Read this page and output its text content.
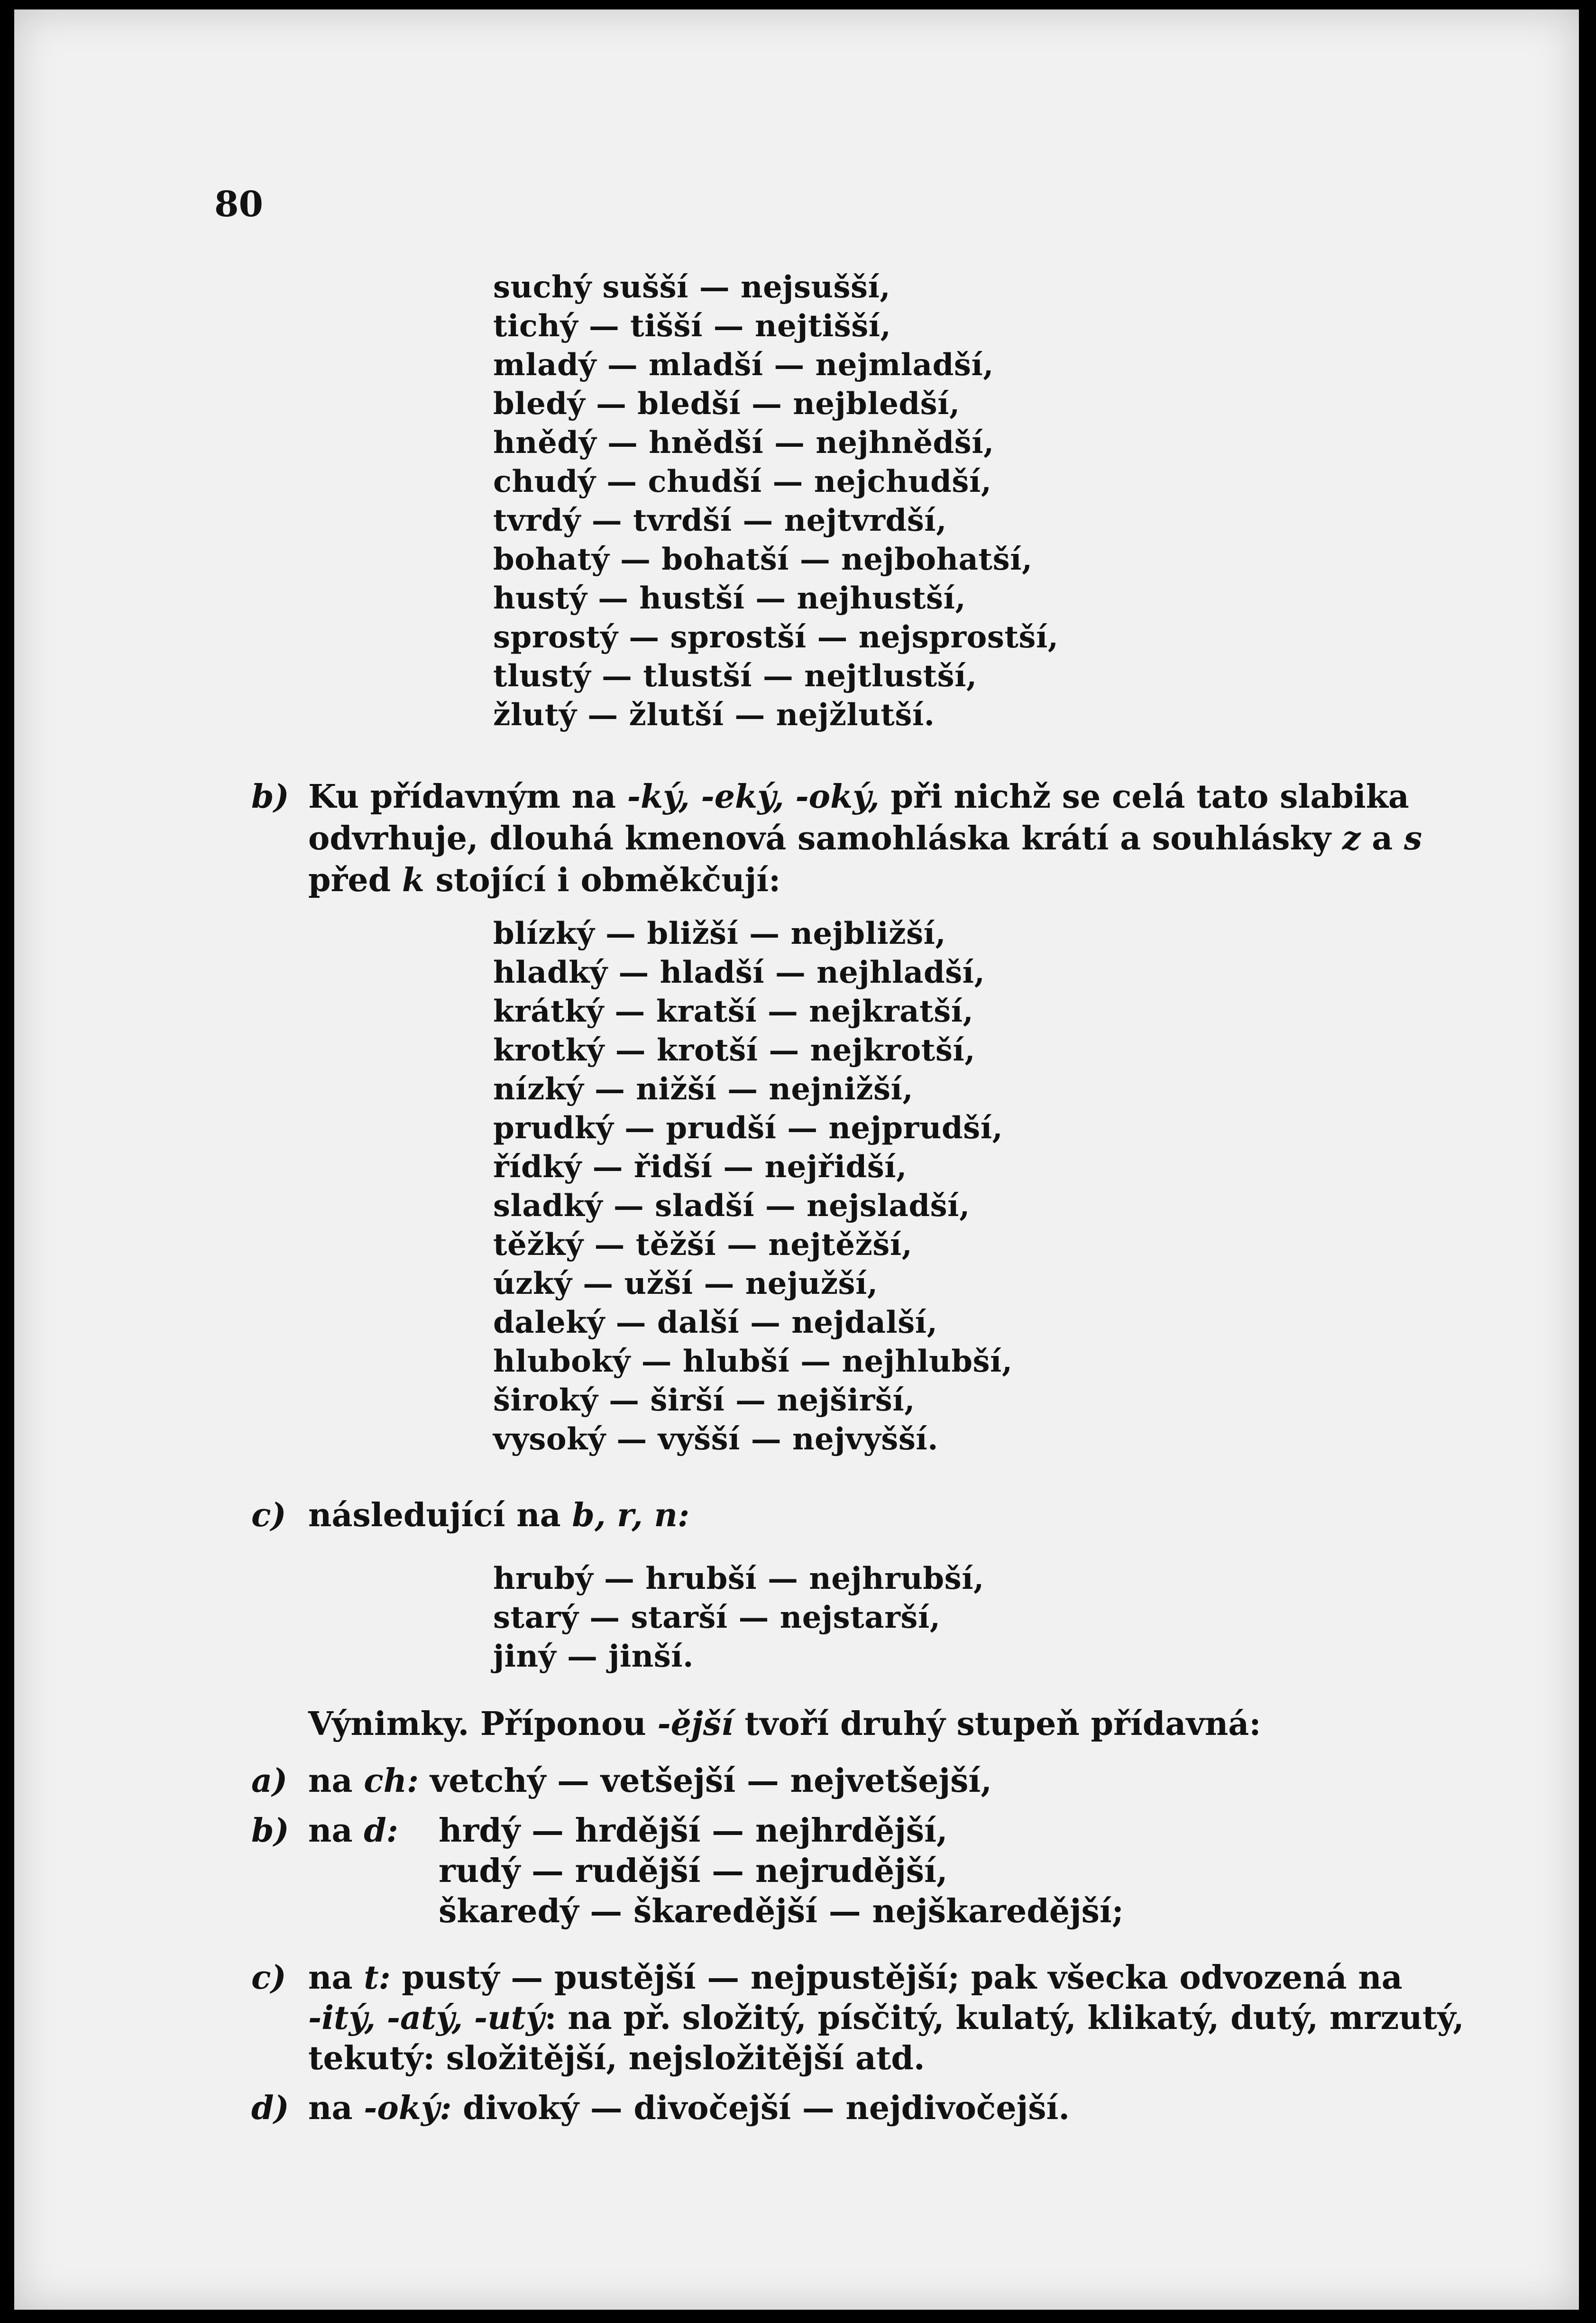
80
suchý sušší — nejsušší,
tichý — tišší — nejtišší,
mladý — mladší — nejmladší,
bledý — bledší — nejbledší,
hnědý — hnědší — nejhnědší,
chudý — chudší — nejchudší,
tvrdý — tvrdší — nejtvrdší,
bohatý — bohatší — nejbohatší,
hustý — hustší — nejhustší,
sprostý — sprostší — nejsprostší,
tlustý — tlustší — nejtlustší,
žlutý — žlutší — nejžlutší.
b) Ku přídavným na -ký, -eký, -oký, při nichž se celá tato slabika
odvrhuje, dlouhá kmenová samohláska krátí a souhlásky z a s
před k stojící i obměkčují:
blízký — bližší — nejbližší,
hladký — hladší — nejhladší,
krátký — kratší — nejkratší,
krotký — krotší — nejkrotší,
nízký — nižší — nejnižší,
prudký — prudší — nejprudší,
řídký — řidší — nejřidší,
sladký — sladší — nejsladší,
těžký — těžší — nejtěžší,
úzký — užší — nejužší,
daleký — další — nejdalší,
hluboký — hlubší — nejhlubší,
široký — širší — nejširší,
vysoký — vyšší — nejvyšší.
c) následující na b, r, n:
hrubý — hrubší — nejhrubší,
starý — starší — nejstarší,
jiný — jinší.
Výnimky. Příponou -ější tvoří druhý stupeň přídavná:
a) na ch: vetchý — vetšejší — nejvetšejší,
b) na d: hrdý — hrdější — nejhrdější,
rudý — rudější — nejrudější,
škaredý — škaredější — nejškaredější;
c) na t: pustý — pustější — nejpustější; pak všecka odvozená na
-itý, -atý, -utý: na př. složitý, písčitý, kulatý, klikatý, dutý, mrzutý,
tekutý: složitější, nejsložitější atd.
d) na -oký: divoký — divočejší — nejdivočejší.
